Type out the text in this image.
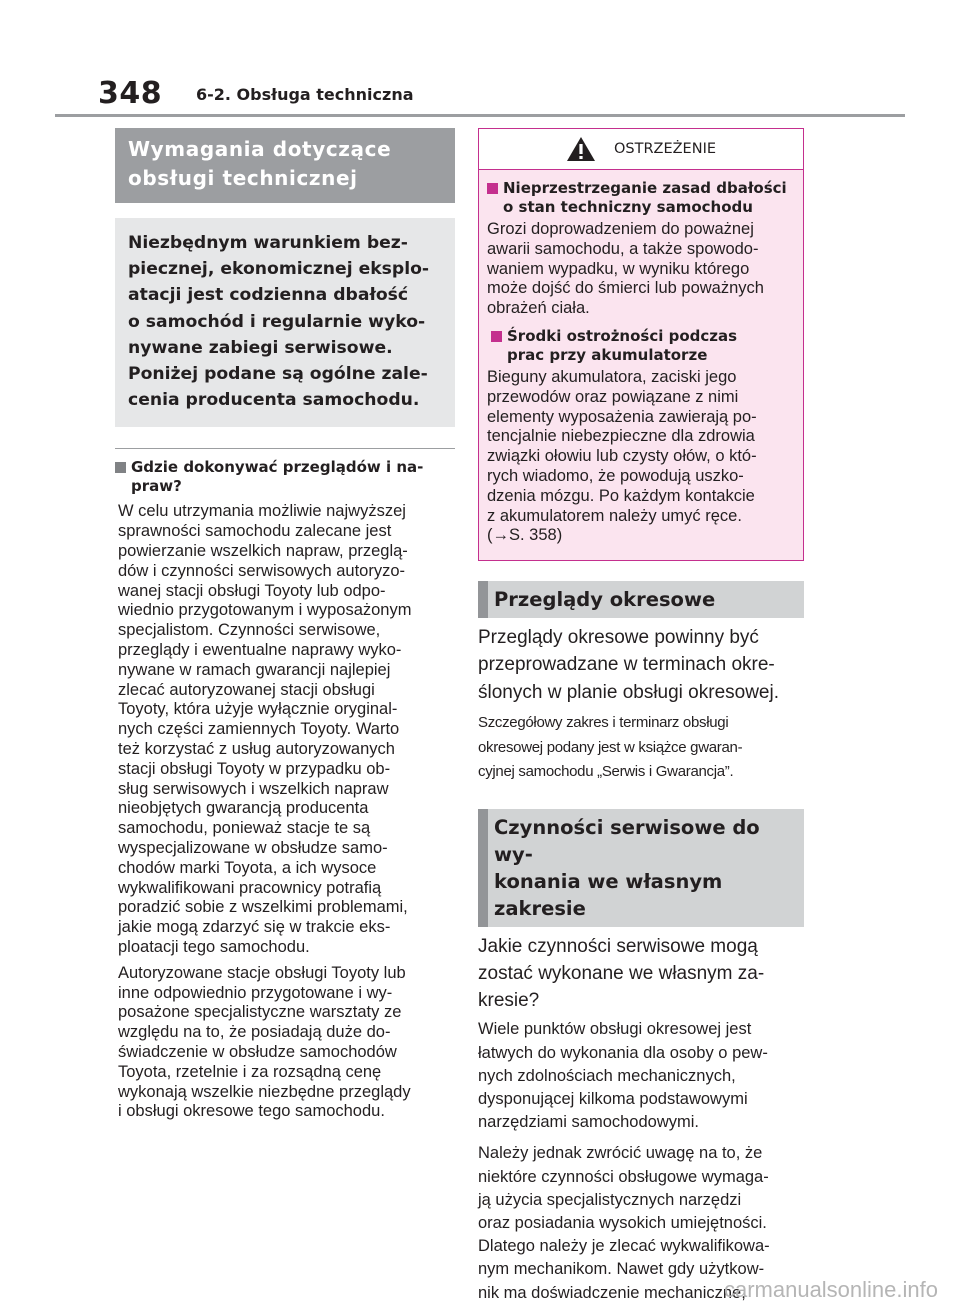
348 6-2. Obsługa techniczna
Wymagania dotyczące
obsługi technicznej
Niezbędnym warunkiem bez-
piecznej, ekonomicznej eksplo-
atacji jest codzienna dbałość
o samochód i regularnie wyko-
nywane zabiegi serwisowe.
Poniżej podane są ogólne zale-
cenia producenta samochodu.
Gdzie dokonywać przeglądów i na-
praw?
W celu utrzymania możliwie najwyższej
sprawności samochodu zalecane jest
powierzanie wszelkich napraw, przeglą-
dów i czynności serwisowych autoryzo-
wanej stacji obsługi Toyoty lub odpo-
wiednio przygotowanym i wyposażonym
specjalistom. Czynności serwisowe,
przeglądy i ewentualne naprawy wyko-
nywane w ramach gwarancji najlepiej
zlecać autoryzowanej stacji obsługi
Toyoty, która użyje wyłącznie oryginal-
nych części zamiennych Toyoty. Warto
też korzystać z usług autoryzowanych
stacji obsługi Toyoty w przypadku ob-
sług serwisowych i wszelkich napraw
nieobjętych gwarancją producenta
samochodu, ponieważ stacje te są
wyspecjalizowane w obsłudze samo-
chodów marki Toyota, a ich wysoce
wykwalifikowani pracownicy potrafią
poradzić sobie z wszelkimi problemami,
jakie mogą zdarzyć się w trakcie eks-
ploatacji tego samochodu.
Autoryzowane stacje obsługi Toyoty lub
inne odpowiednio przygotowane i wy-
posażone specjalistyczne warsztaty ze
względu na to, że posiadają duże do-
świadczenie w obsłudze samochodów
Toyota, rzetelnie i za rozsądną cenę
wykonają wszelkie niezbędne przeglądy
i obsługi okresowe tego samochodu.
OSTRZEŻENIE
Nieprzestrzeganie zasad dbałości
o stan techniczny samochodu
Grozi doprowadzeniem do poważnej
awarii samochodu, a także spowodo-
waniem wypadku, w wyniku którego
może dojść do śmierci lub poważnych
obrażeń ciała.
Środki ostrożności podczas
prac przy akumulatorze
Bieguny akumulatora, zaciski jego
przewodów oraz powiązane z nimi
elementy wyposażenia zawierają po-
tencjalnie niebezpieczne dla zdrowia
związki ołowiu lub czysty ołów, o któ-
rych wiadomo, że powodują uszko-
dzenia mózgu. Po każdym kontakcie
z akumulatorem należy umyć ręce.
(→S. 358)
Przeglądy okresowe
Przeglądy okresowe powinny być
przeprowadzane w terminach okre-
ślonych w planie obsługi okresowej.
Szczegółowy zakres i terminarz obsługi
okresowej podany jest w książce gwaran-
cyjnej samochodu „Serwis i Gwarancja”.
Czynności serwisowe do wy-
konania we własnym zakresie
Jakie czynności serwisowe mogą
zostać wykonane we własnym za-
kresie?
Wiele punktów obsługi okresowej jest
łatwych do wykonania dla osoby o pew-
nych zdolnościach mechanicznych,
dysponującej kilkoma podstawowymi
narzędziami samochodowymi.
Należy jednak zwrócić uwagę na to, że
niektóre czynności obsługowe wymaga-
ją użycia specjalistycznych narzędzi
oraz posiadania wysokich umiejętności.
Dlatego należy je zlecać wykwalifikowa-
nym mechanikom. Nawet gdy użytkow-
nik ma doświadczenie mechaniczne,
carmanualsonline.info
